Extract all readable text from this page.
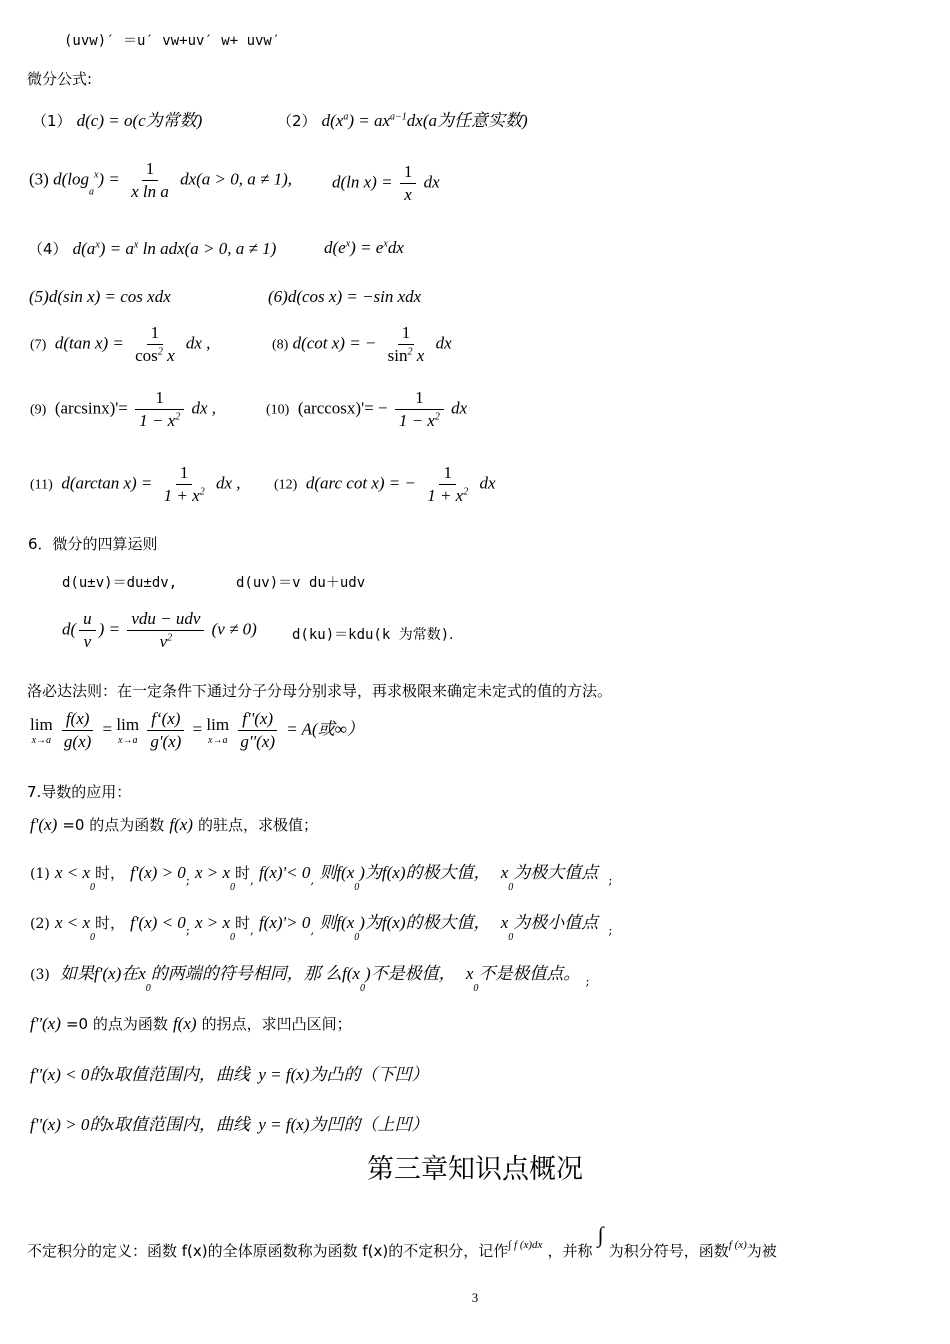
(uvw)′ ＝u′ vw+uv′ w+ uvw′
微分公式:
（1） d(c) = o(c为常数)	（2） $d(x^a) = ax^{a-1}dx(a$为任意实数)
(3) $d(\log_a^x) = \frac{1}{\text{x ln a}} dx(a > 0$, a ≠ 1), d(ln $x) = \frac{1}{x}$ dx
（4） $d(a^x) = a^x$ ln adx(a > 0, a ≠ 1)	$d(e^x) = e^xdx$
(5)d(sin x) = cos xdx	(6)d(cos x) = −sin xdx
(7) d(tan $x) = \frac{1}{\cos^2 x}$ dx ,	(8) d(cot x) = − $\frac{1}{\sin^2 x}$ dx
(9) $(\arcsin x)'= \frac{1}{1 - x^2}$ dx ,	(10) $(\arccos x)'= - \frac{1}{1 - x^2}$ dx
(11) d(arctan $x) = \frac{1}{1 + x^2}$ dx , (12) d(arc cot x) = − $\frac{1}{1 + x^2}$ dx
6．微分的四算运则
d(u±v)＝du±dv,	d(uv)＝v du＋udv
$d( \frac{u}{v}$ ) = $\frac{\text{vdu − udv}}{v^2} (v \ne 0)$	d(ku)＝kdu(k 为常数)．
洛必达法则：在一定条件下通过分子分母分别求导，再求极限来确定未定式的值的方法。
lim
x→a
$\frac{f(x)}{g(x)} = \lim$
x→a
$\frac{f‘(x)}{g'(x)} = \lim$
x→a
$\frac{f''(x)}{g''(x)} = A$(或∞）
7.导数的应用：
f'(x) =0 的点为函数 f(x) 的驻点，求极值；
(1) $x < x_0$时， $f'(x) > 0_;$ $x > x_0$时$_,$ $f(x)'< 0_,$ 则$f(x_0)$为f(x)的极大值， $x_0$为极大值点 $_;$
(2) $x < x_0$时， $f'(x) < 0_;$ $x > x_0$时$_,$ $f(x)'> 0_,$ 则$f(x_0)$为f(x)的极大值， $x_0$为极小值点 $_;$
(3) 如果f'(x)在$x_0$的两端的符号相同，那 么$f(x_0)$不是极值， $x_0$不是极值点。 $_;$
f''(x) =0 的点为函数 f(x) 的拐点，求凹凸区间；
f''(x) < 0的x取值范围内，曲线 y = f(x)为凸的（下凹）
f''(x) > 0的x取值范围内，曲线 y = f(x)为凹的（上凹）
第三章知识点概况
不定积分的定义：函数 f(x)的全体原函数称为函数 f(x)的不定积分，记作$^{\int f (x)dx}$ ，并称 ∫ 为积分符号，函数$^{f (x)}$为被
3
